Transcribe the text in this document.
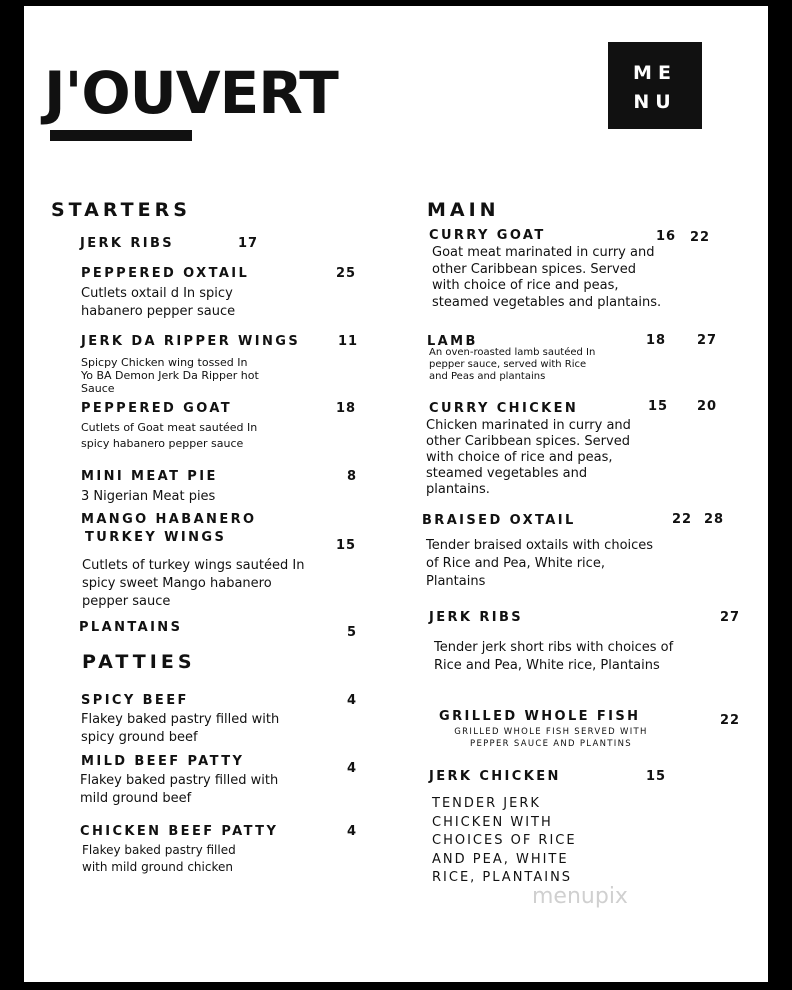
J'OUVERT	ME
NU
STARTERS
JERK RIBS	17
PEPPERED OXTAIL	25
Cutlets oxtail d In spicy habanero pepper sauce
JERK DA RIPPER WINGS	11
Spicpy Chicken wing tossed In Yo BA Demon Jerk Da Ripper hot Sauce
PEPPERED GOAT	18
Cutlets of Goat meat sautéed In spicy habanero pepper sauce
MINI MEAT PIE	8
3 Nigerian Meat pies
MANGO HABANERO
TURKEY WINGS
15
Cutlets of turkey wings sautéed In spicy sweet Mango habanero pepper sauce
PLANTAINS	5
PATTIES
SPICY BEEF	4
Flakey baked pastry filled with spicy ground beef
MILD BEEF PATTY	4
Flakey baked pastry filled with mild ground beef
CHICKEN BEEF PATTY	4
Flakey baked pastry filled with mild ground chicken
MAIN
CURRY GOAT	16 22
Goat meat marinated in curry and other Caribbean spices. Served with choice of rice and peas, steamed vegetables and plantains.
LAMB	18 27
An oven-roasted lamb sautéed In pepper sauce, served with Rice and Peas and plantains
CURRY CHICKEN	15 20
Chicken marinated in curry and other Caribbean spices. Served with choice of rice and peas, steamed vegetables and plantains.
BRAISED OXTAIL	22 28
Tender braised oxtails with choices of Rice and Pea, White rice, Plantains
JERK RIBS	27
Tender jerk short ribs with choices of Rice and Pea, White rice, Plantains
GRILLED WHOLE FISH	22
GRILLED WHOLE FISH SERVED WITH PEPPER SAUCE AND PLANTINS
JERK CHICKEN	15
TENDER JERK CHICKEN WITH CHOICES OF RICE AND PEA, WHITE RICE, PLANTAINS
menupix
